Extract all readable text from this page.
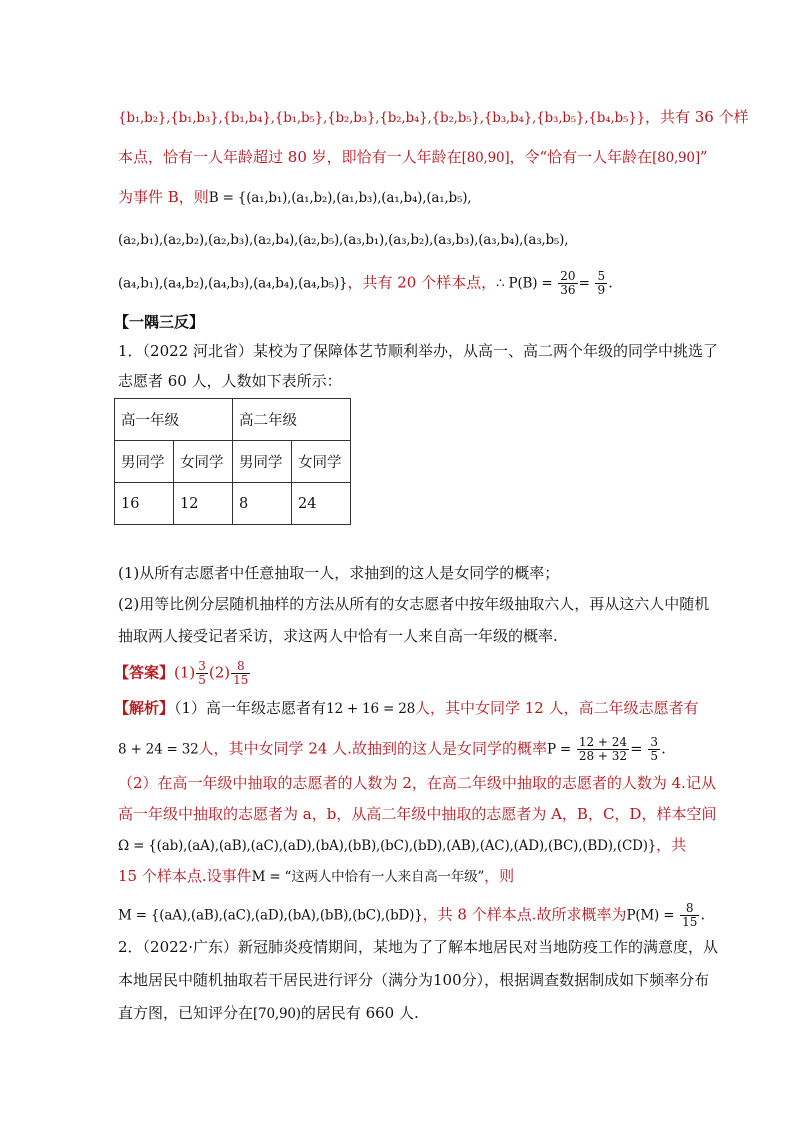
{b₁,b₂},{b₁,b₃},{b₁,b₄},{b₁,b₅},{b₂,b₃},{b₂,b₄},{b₂,b₅},{b₃,b₄},{b₃,b₅},{b₄,b₅}}，共有 36 个样
本点，恰有一人年龄超过 80 岁，即恰有一人年龄在[80,90]，令“恰有一人年龄在[80,90]”
为事件 B，则B = {(a₁,b₁),(a₁,b₂),(a₁,b₃),(a₁,b₄),(a₁,b₅),
(a₂,b₁),(a₂,b₂),(a₂,b₃),(a₂,b₄),(a₂,b₅),(a₃,b₁),(a₃,b₂),(a₃,b₃),(a₃,b₄),(a₃,b₅),
(a₄,b₁),(a₄,b₂),(a₄,b₃),(a₄,b₄),(a₄,b₅)}，共有 20 个样本点，∴ $P(B) = \frac{20}{36} = \frac{5}{9}$ .
【一隅三反】
1．（2022 河北省）某校为了保障体艺节顺利举办，从高一、高二两个年级的同学中挑选了
志愿者 60 人，人数如下表所示：
高一年级		高二年级	
男同学	女同学	男同学	女同学
16	12	8	24
(1)从所有志愿者中任意抽取一人，求抽到的这人是女同学的概率；
(2)用等比例分层随机抽样的方法从所有的女志愿者中按年级抽取六人，再从这六人中随机
抽取两人接受记者采访，求这两人中恰有一人来自高一年级的概率.
【答案】$(1) \frac{3}{5} (2) \frac{8}{15}$
【解析】（1）高一年级志愿者有12 + 16 = 28人，其中女同学 12 人，高二年级志愿者有
8 + 24 = 32人，其中女同学 24 人.故抽到的这人是女同学的概率$P = \frac{12 + 24}{28 + 32} = \frac{3}{5}$ .
（2）在高一年级中抽取的志愿者的人数为 2，在高二年级中抽取的志愿者的人数为 4.记从
高一年级中抽取的志愿者为 a，b，从高二年级中抽取的志愿者为 A，B，C，D，样本空间
Ω = {(ab),(aA),(aB),(aC),(aD),(bA),(bB),(bC),(bD),(AB),(AC),(AD),(BC),(BD),(CD)}，共
15 个样本点.设事件M = “这两人中恰有一人来自高一年级”，则
M = {(aA),(aB),(aC),(aD),(bA),(bB),(bC),(bD)}，共 8 个样本点.故所求概率为$P(M) = \frac{8}{15}$ .
2．（2022·广东）新冠肺炎疫情期间，某地为了了解本地居民对当地防疫工作的满意度，从
本地居民中随机抽取若干居民进行评分（满分为100分），根据调查数据制成如下频率分布
直方图，已知评分在[70,90)的居民有 660 人.
